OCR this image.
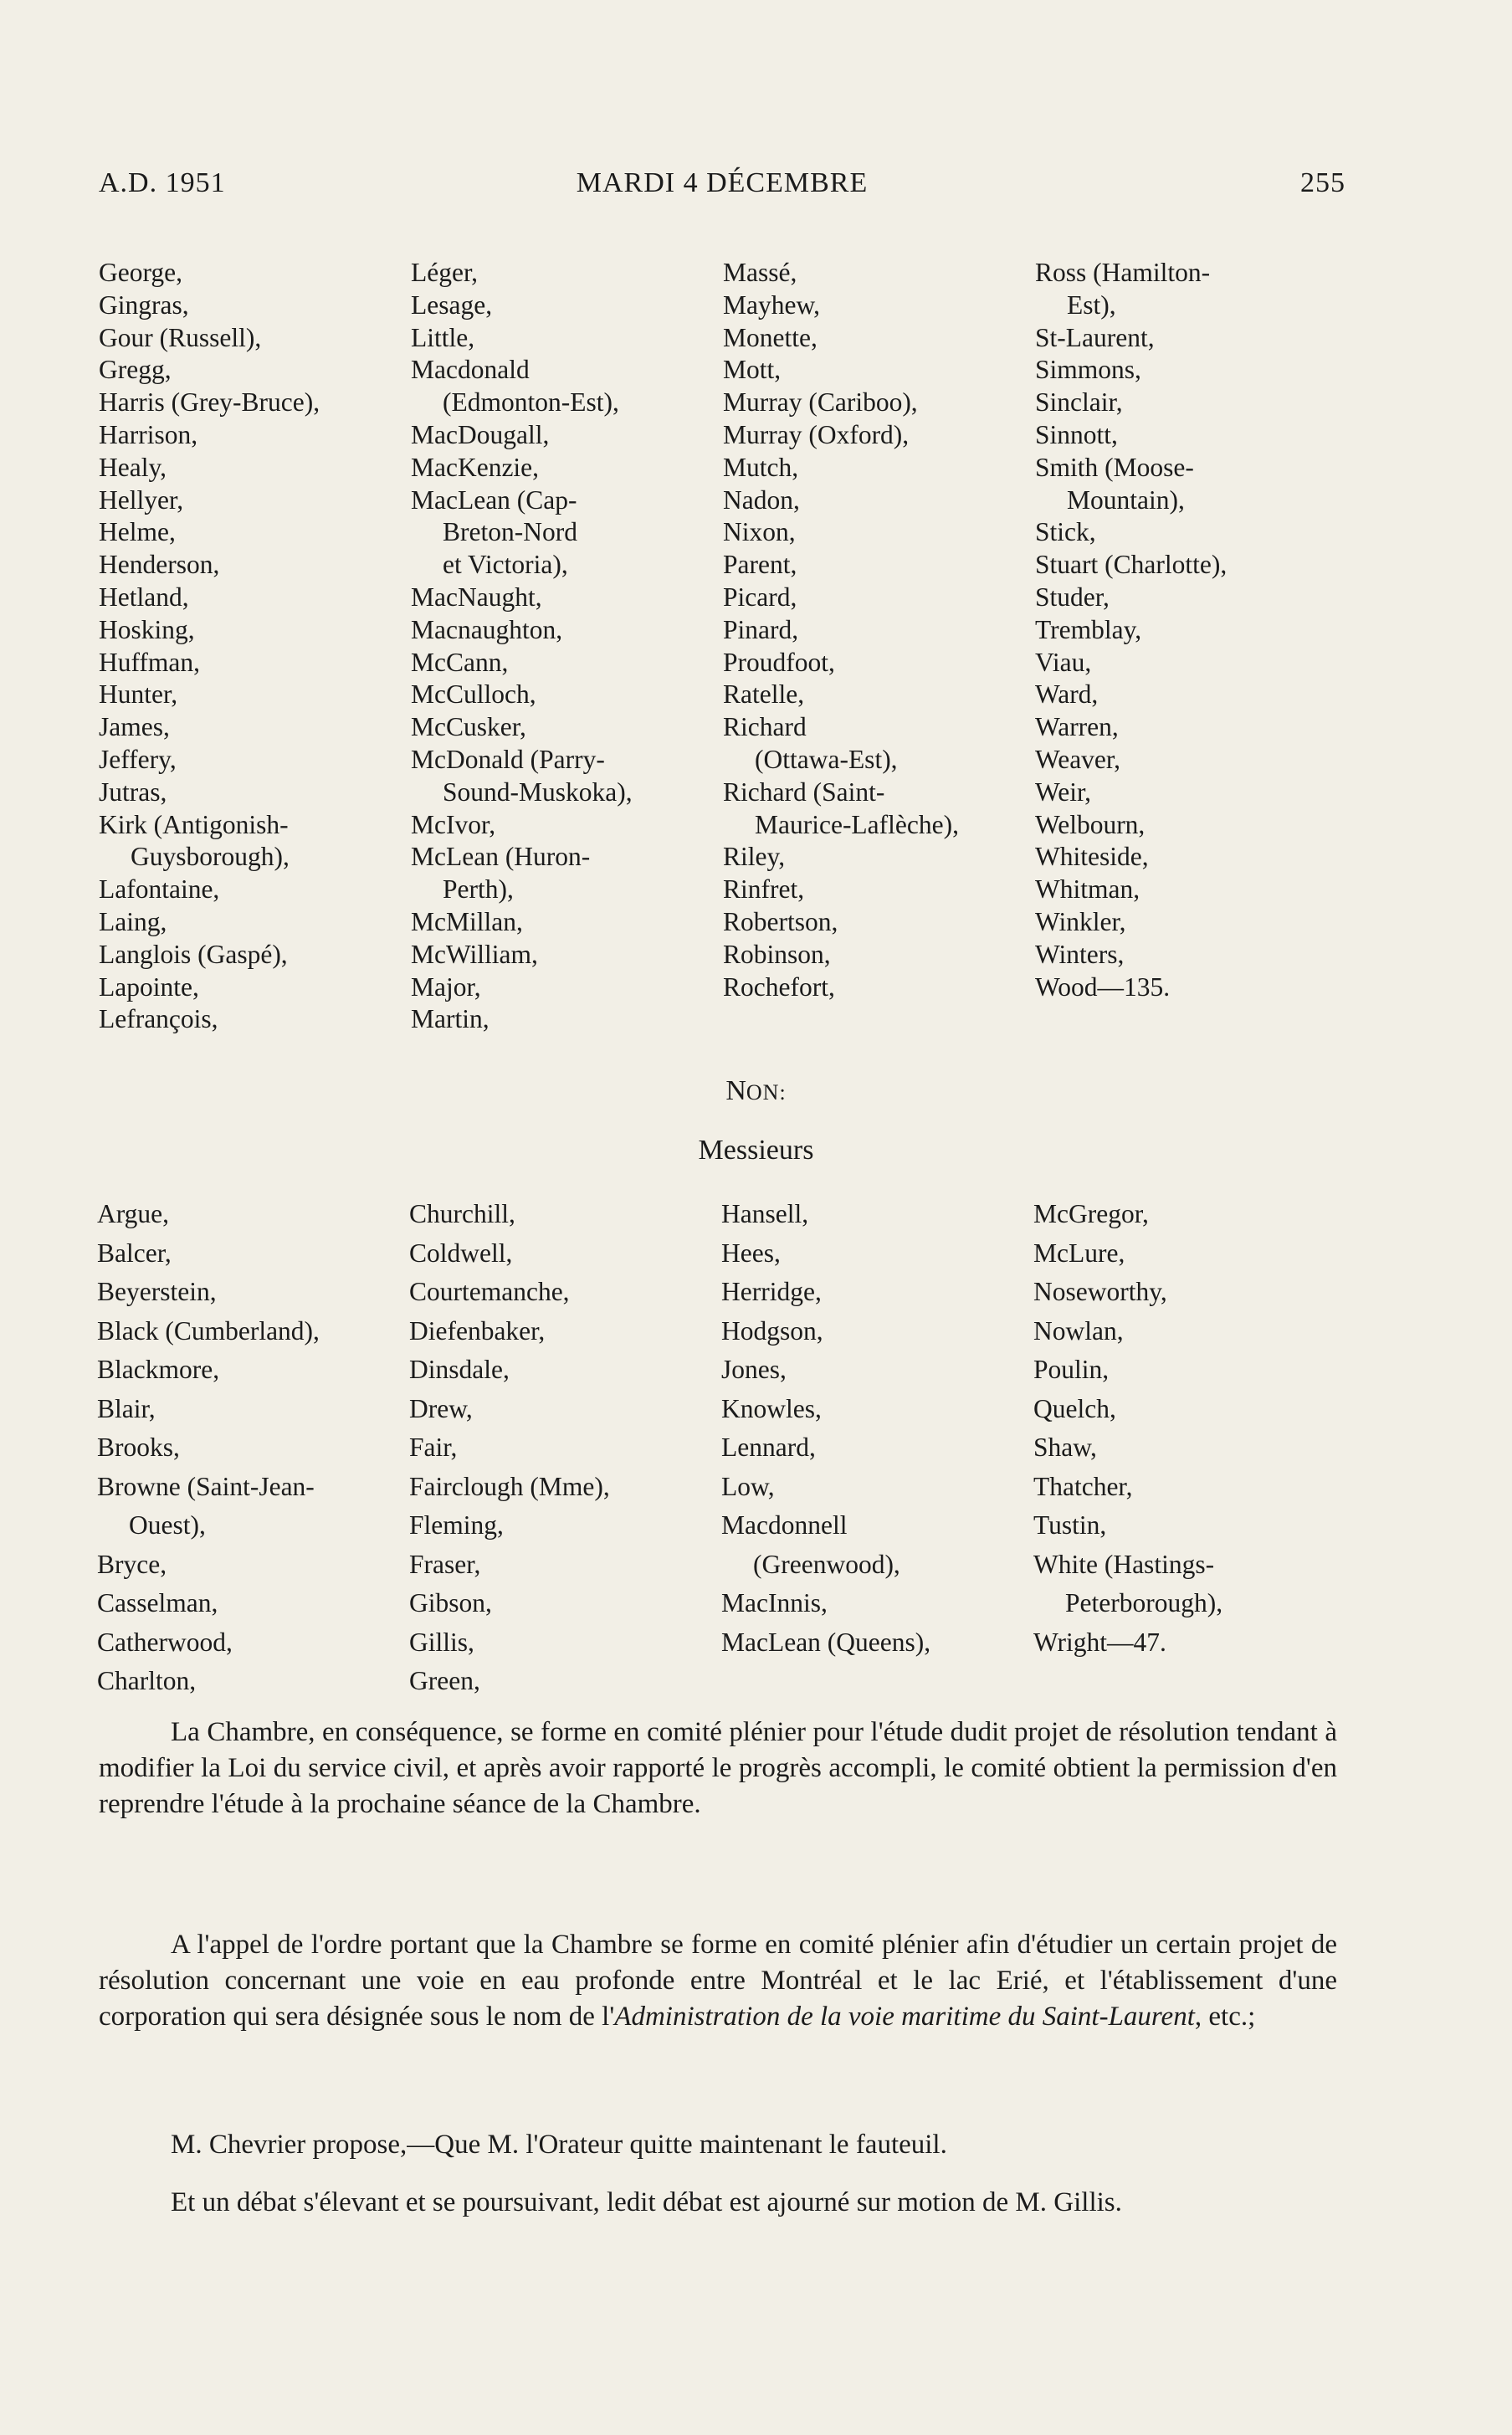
A.D. 1951	MARDI 4 DÉCEMBRE	255
George,
Gingras,
Gour (Russell),
Gregg,
Harris (Grey-Bruce),
Harrison,
Healy,
Hellyer,
Helme,
Henderson,
Hetland,
Hosking,
Huffman,
Hunter,
James,
Jeffery,
Jutras,
Kirk (Antigonish-
Guysborough),
Lafontaine,
Laing,
Langlois (Gaspé),
Lapointe,
Lefrançois,
Léger,
Lesage,
Little,
Macdonald
(Edmonton-Est),
MacDougall,
MacKenzie,
MacLean (Cap-
Breton-Nord
et Victoria),
MacNaught,
Macnaughton,
McCann,
McCulloch,
McCusker,
McDonald (Parry-
Sound-Muskoka),
McIvor,
McLean (Huron-
Perth),
McMillan,
McWilliam,
Major,
Martin,
Massé,
Mayhew,
Monette,
Mott,
Murray (Cariboo),
Murray (Oxford),
Mutch,
Nadon,
Nixon,
Parent,
Picard,
Pinard,
Proudfoot,
Ratelle,
Richard
(Ottawa-Est),
Richard (Saint-
Maurice-Laflèche),
Riley,
Rinfret,
Robertson,
Robinson,
Rochefort,
Ross (Hamilton-
Est),
St-Laurent,
Simmons,
Sinclair,
Sinnott,
Smith (Moose-
Mountain),
Stick,
Stuart (Charlotte),
Studer,
Tremblay,
Viau,
Ward,
Warren,
Weaver,
Weir,
Welbourn,
Whiteside,
Whitman,
Winkler,
Winters,
Wood—135.
NON:
Messieurs
Argue,
Balcer,
Beyerstein,
Black (Cumberland),
Blackmore,
Blair,
Brooks,
Browne (Saint-Jean-
Ouest),
Bryce,
Casselman,
Catherwood,
Charlton,
Churchill,
Coldwell,
Courtemanche,
Diefenbaker,
Dinsdale,
Drew,
Fair,
Fairclough (Mme),
Fleming,
Fraser,
Gibson,
Gillis,
Green,
Hansell,
Hees,
Herridge,
Hodgson,
Jones,
Knowles,
Lennard,
Low,
Macdonnell
(Greenwood),
MacInnis,
MacLean (Queens),
McGregor,
McLure,
Noseworthy,
Nowlan,
Poulin,
Quelch,
Shaw,
Thatcher,
Tustin,
White (Hastings-
Peterborough),
Wright—47.

La Chambre, en conséquence, se forme en comité plénier pour l'étude dudit projet de résolution tendant à modifier la Loi du service civil, et après avoir rapporté le progrès accompli, le comité obtient la permission d'en reprendre l'étude à la prochaine séance de la Chambre.

A l'appel de l'ordre portant que la Chambre se forme en comité plénier afin d'étudier un certain projet de résolution concernant une voie en eau profonde entre Montréal et le lac Erié, et l'établissement d'une corporation qui sera désignée sous le nom de l'Administration de la voie maritime du Saint-Laurent, etc.;

M. Chevrier propose,—Que M. l'Orateur quitte maintenant le fauteuil.

Et un débat s'élevant et se poursuivant, ledit débat est ajourné sur motion de M. Gillis.
